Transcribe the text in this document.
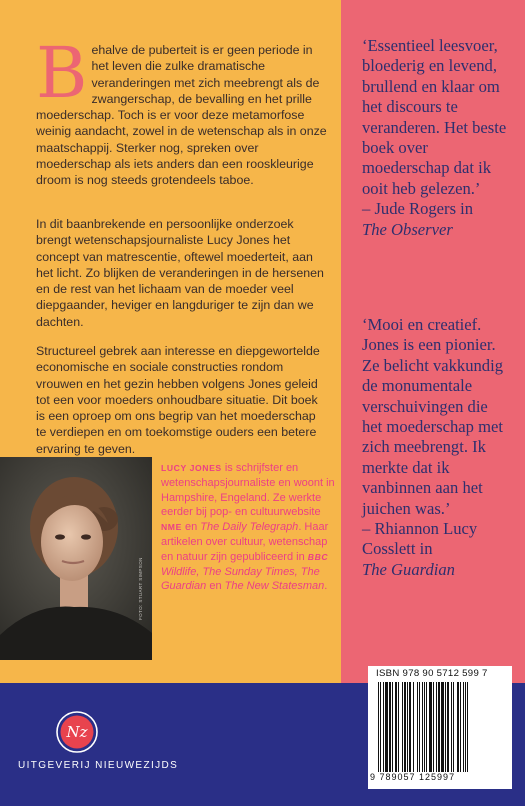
Behalve de puberteit is er geen periode in het leven die zulke dramatische veranderingen met zich meebrengt als de zwangerschap, de bevalling en het prille moederschap. Toch is er voor deze metamorfose weinig aandacht, zowel in de wetenschap als in onze maatschappij. Sterker nog, spreken over moederschap als iets anders dan een rooskleurige droom is nog steeds grotendeels taboe.

In dit baanbrekende en persoonlijke onderzoek brengt wetenschapsjournaliste Lucy Jones het concept van matrescentie, oftewel moederteit, aan het licht. Zo blijken de veranderingen in de hersenen en de rest van het lichaam van de moeder veel diepgaander, heviger en langduriger te zijn dan we dachten.

Structureel gebrek aan interesse en diepgewortelde economische en sociale constructies rondom vrouwen en het gezin hebben volgens Jones geleid tot een voor moeders onhoudbare situatie. Dit boek is een oproep om ons begrip van het moederschap te verdiepen en om toekomstige ouders een betere ervaring te geven.

FOTO: STUART SIMPSON

LUCY JONES is schrijfster en wetenschapsjournaliste en woont in Hampshire, Engeland. Ze werkte eerder bij pop- en cultuurwebsite NME en The Daily Telegraph. Haar artikelen over cultuur, wetenschap en natuur zijn gepubliceerd in BBC Wildlife, The Sunday Times, The Guardian en The New Statesman.

‘Essentieel leesvoer, bloederig en levend, brullend en klaar om het discours te veranderen. Het beste boek over moederschap dat ik ooit heb gelezen.’

– Jude Rogers in
The Observer

‘Mooi en creatief. Jones is een pionier. Ze belicht vakkundig de monumentale verschuivingen die het moederschap met zich meebrengt. Ik merkte dat ik vanbinnen aan het juichen was.’

– Rhiannon Lucy Cosslett in
The Guardian

ISBN 978 90 5712 599 7
9 789057 125997
Nz
UITGEVERIJ NIEUWEZIJDS
